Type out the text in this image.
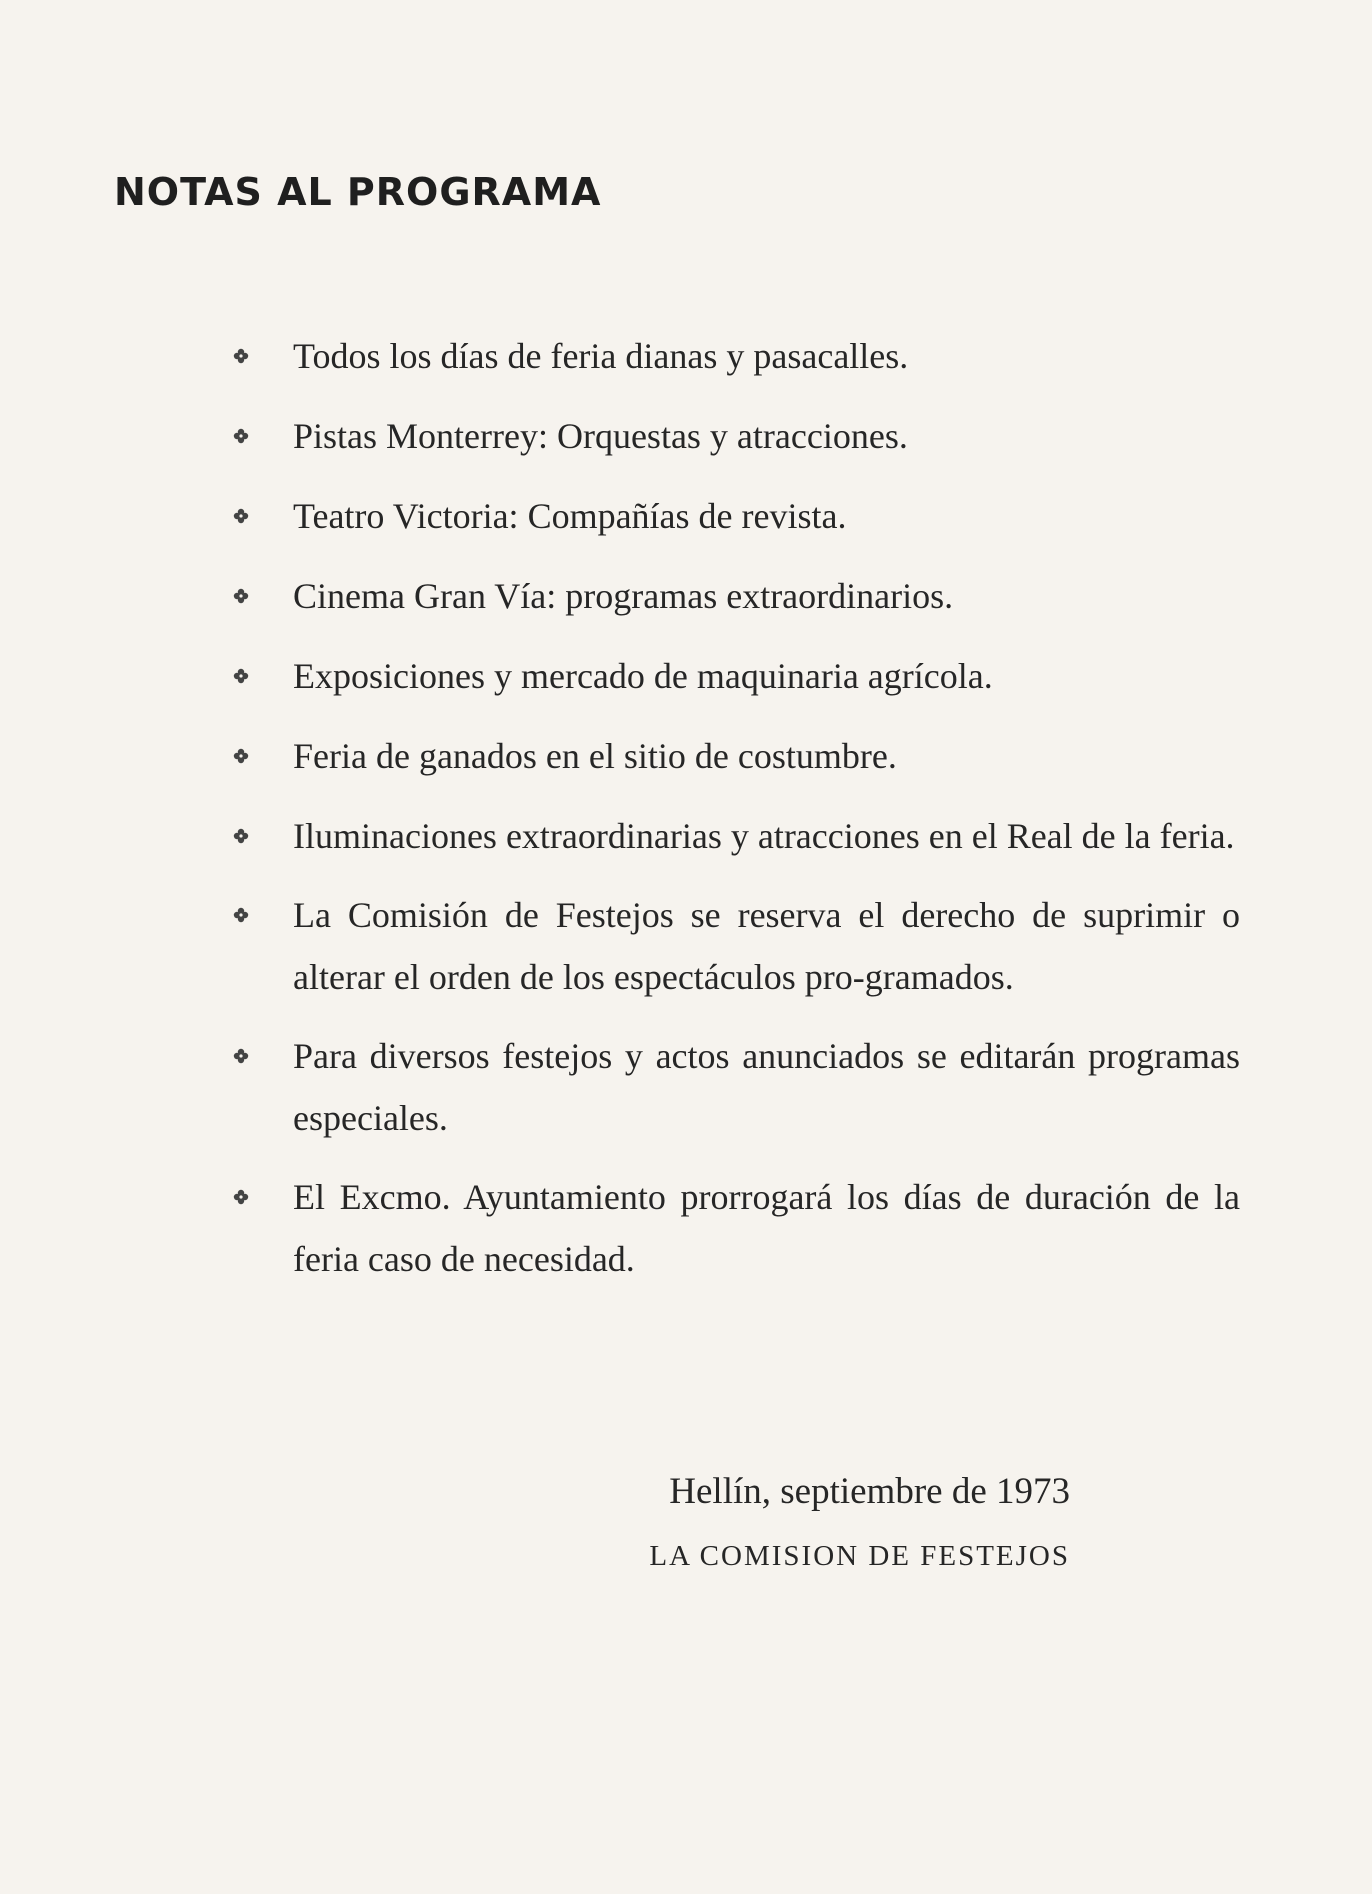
NOTAS AL PROGRAMA
Todos los días de feria dianas y pasacalles.
Pistas Monterrey: Orquestas y atracciones.
Teatro Victoria: Compañías de revista.
Cinema Gran Vía: programas extraordinarios.
Exposiciones y mercado de maquinaria agrícola.
Feria de ganados en el sitio de costumbre.
Iluminaciones extraordinarias y atracciones en el Real de la feria.
La Comisión de Festejos se reserva el derecho de suprimir o alterar el orden de los espectáculos pro-gramados.
Para diversos festejos y actos anunciados se editarán programas especiales.
El Excmo. Ayuntamiento prorrogará los días de duración de la feria caso de necesidad.
Hellín, septiembre de 1973
LA COMISION DE FESTEJOS
